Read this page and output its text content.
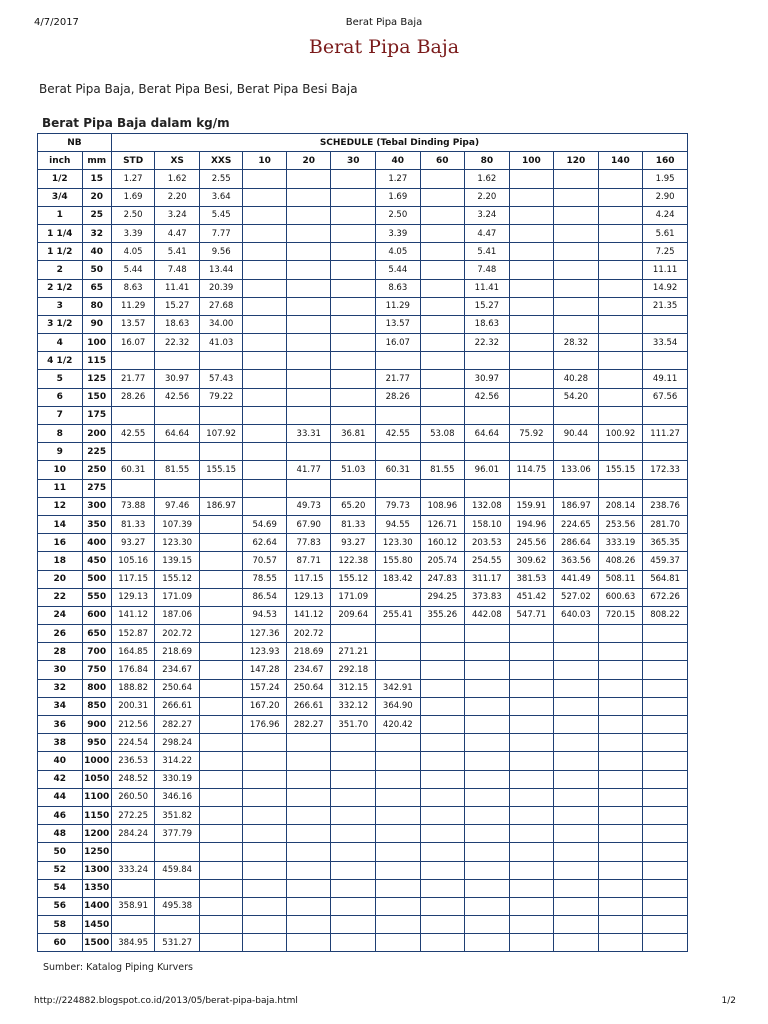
4/7/2017	Berat Pipa Baja
Berat Pipa Baja
Berat Pipa Baja, Berat Pipa Besi, Berat Pipa Besi Baja
Berat Pipa Baja dalam kg/m
NB		SCHEDULE (Tebal Dinding Pipa)												
inch	mm	STD	XS	XXS	10	20	30	40	60	80	100	120	140	160
1/2	15	1.27	1.62	2.55				1.27		1.62				1.95
3/4	20	1.69	2.20	3.64				1.69		2.20				2.90
1	25	2.50	3.24	5.45				2.50		3.24				4.24
1 1/4	32	3.39	4.47	7.77				3.39		4.47				5.61
1 1/2	40	4.05	5.41	9.56				4.05		5.41				7.25
2	50	5.44	7.48	13.44				5.44		7.48				11.11
2 1/2	65	8.63	11.41	20.39				8.63		11.41				14.92
3	80	11.29	15.27	27.68				11.29		15.27				21.35
3 1/2	90	13.57	18.63	34.00				13.57		18.63				
4	100	16.07	22.32	41.03				16.07		22.32		28.32		33.54
4 1/2	115													
5	125	21.77	30.97	57.43				21.77		30.97		40.28		49.11
6	150	28.26	42.56	79.22				28.26		42.56		54.20		67.56
7	175													
8	200	42.55	64.64	107.92		33.31	36.81	42.55	53.08	64.64	75.92	90.44	100.92	111.27
9	225													
10	250	60.31	81.55	155.15		41.77	51.03	60.31	81.55	96.01	114.75	133.06	155.15	172.33
11	275													
12	300	73.88	97.46	186.97		49.73	65.20	79.73	108.96	132.08	159.91	186.97	208.14	238.76
14	350	81.33	107.39		54.69	67.90	81.33	94.55	126.71	158.10	194.96	224.65	253.56	281.70
16	400	93.27	123.30		62.64	77.83	93.27	123.30	160.12	203.53	245.56	286.64	333.19	365.35
18	450	105.16	139.15		70.57	87.71	122.38	155.80	205.74	254.55	309.62	363.56	408.26	459.37
20	500	117.15	155.12		78.55	117.15	155.12	183.42	247.83	311.17	381.53	441.49	508.11	564.81
22	550	129.13	171.09		86.54	129.13	171.09		294.25	373.83	451.42	527.02	600.63	672.26
24	600	141.12	187.06		94.53	141.12	209.64	255.41	355.26	442.08	547.71	640.03	720.15	808.22
26	650	152.87	202.72		127.36	202.72								
28	700	164.85	218.69		123.93	218.69	271.21							
30	750	176.84	234.67		147.28	234.67	292.18							
32	800	188.82	250.64		157.24	250.64	312.15	342.91						
34	850	200.31	266.61		167.20	266.61	332.12	364.90						
36	900	212.56	282.27		176.96	282.27	351.70	420.42						
38	950	224.54	298.24											
40	1000	236.53	314.22											
42	1050	248.52	330.19											
44	1100	260.50	346.16											
46	1150	272.25	351.82											
48	1200	284.24	377.79											
50	1250													
52	1300	333.24	459.84											
54	1350													
56	1400	358.91	495.38											
58	1450													
60	1500	384.95	531.27											
Sumber: Katalog Piping Kurvers
http://224882.blogspot.co.id/2013/05/berat-pipa-baja.html	1/2
